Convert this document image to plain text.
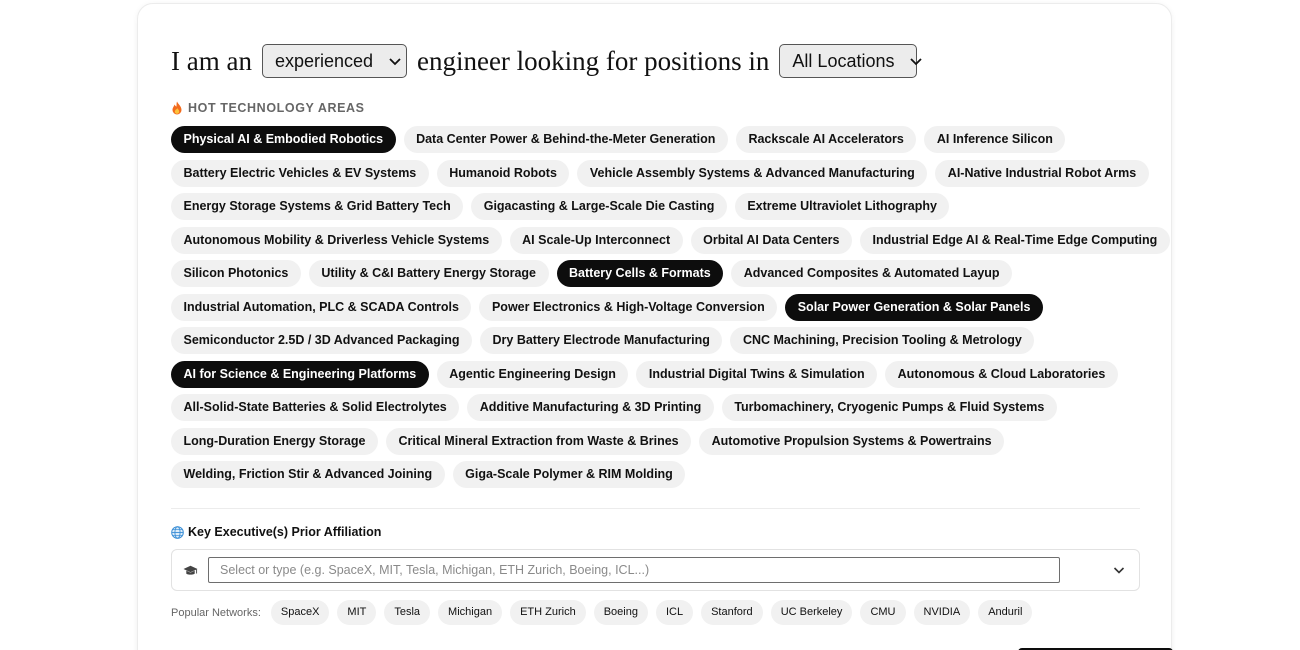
I am an experienced engineer looking for positions in All Locations
HOT TECHNOLOGY AREAS
Physical AI & Embodied Robotics	Data Center Power & Behind-the-Meter Generation	Rackscale AI Accelerators	AI Inference Silicon
Battery Electric Vehicles & EV Systems	Humanoid Robots	Vehicle Assembly Systems & Advanced Manufacturing	AI-Native Industrial Robot Arms
Energy Storage Systems & Grid Battery Tech	Gigacasting & Large-Scale Die Casting	Extreme Ultraviolet Lithography
Autonomous Mobility & Driverless Vehicle Systems	AI Scale-Up Interconnect	Orbital AI Data Centers	Industrial Edge AI & Real-Time Edge Computing
Silicon Photonics	Utility & C&I Battery Energy Storage	Battery Cells & Formats	Advanced Composites & Automated Layup
Industrial Automation, PLC & SCADA Controls	Power Electronics & High-Voltage Conversion	Solar Power Generation & Solar Panels
Semiconductor 2.5D / 3D Advanced Packaging	Dry Battery Electrode Manufacturing	CNC Machining, Precision Tooling & Metrology
AI for Science & Engineering Platforms	Agentic Engineering Design	Industrial Digital Twins & Simulation	Autonomous & Cloud Laboratories
All-Solid-State Batteries & Solid Electrolytes	Additive Manufacturing & 3D Printing	Turbomachinery, Cryogenic Pumps & Fluid Systems
Long-Duration Energy Storage	Critical Mineral Extraction from Waste & Brines	Automotive Propulsion Systems & Powertrains
Welding, Friction Stir & Advanced Joining	Giga-Scale Polymer & RIM Molding
Key Executive(s) Prior Affiliation
Select or type (e.g. SpaceX, MIT, Tesla, Michigan, ETH Zurich, Boeing, ICL...)
Popular Networks:	SpaceX	MIT	Tesla	Michigan	ETH Zurich	Boeing	ICL	Stanford	UC Berkeley	CMU	NVIDIA	Anduril
